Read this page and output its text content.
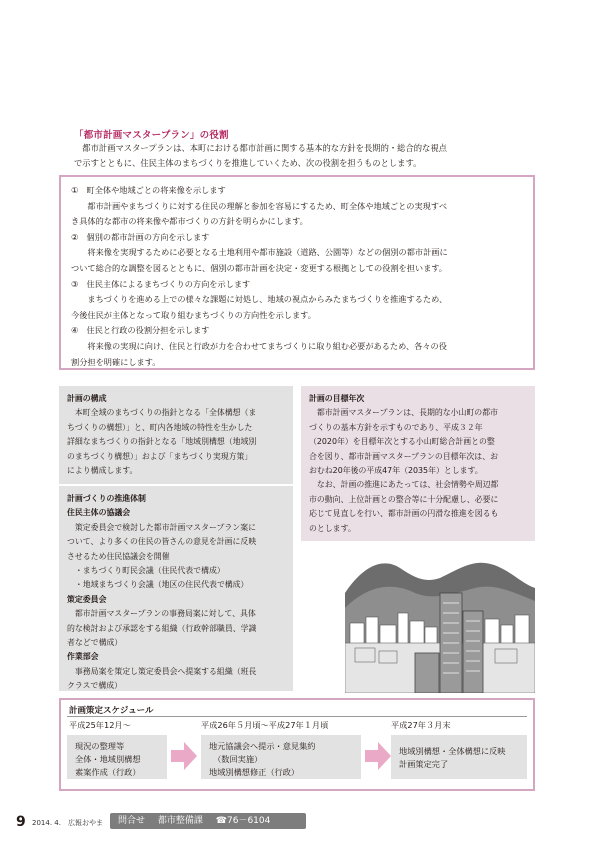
「都市計画マスタープラン」の役割

都市計画マスタープランは、本町における都市計画に関する基本的な方針を長期的・総合的な視点

で示すとともに、住民主体のまちづくりを推進していくため、次の役割を担うものとします。

①　町全体や地域ごとの将来像を示します

都市計画やまちづくりに対する住民の理解と参加を容易にするため、町全体や地域ごとの実現すべ

き具体的な都市の将来像や都市づくりの方針を明らかにします。

②　個別の都市計画の方向を示します

将来像を実現するために必要となる土地利用や都市施設（道路、公園等）などの個別の都市計画に

ついて総合的な調整を図るとともに、個別の都市計画を決定・変更する根拠としての役割を担います。

③　住民主体によるまちづくりの方向を示します

まちづくりを進める上での様々な課題に対処し、地域の視点からみたまちづくりを推進するため、

今後住民が主体となって取り組むまちづくりの方向性を示します。

④　住民と行政の役割分担を示します

将来像の実現に向け、住民と行政が力を合わせてまちづくりに取り組む必要があるため、各々の役

割分担を明確にします。

計画の構成

本町全域のまちづくりの指針となる「全体構想（ま

ちづくりの構想）」と、町内各地域の特性を生かした

詳細なまちづくりの指針となる「地域別構想（地域別

のまちづくり構想）」および「まちづくり実現方策」

により構成します。

計画づくりの推進体制

住民主体の協議会

策定委員会で検討した都市計画マスタープラン案に

ついて、より多くの住民の皆さんの意見を計画に反映

させるため住民協議会を開催

・まちづくり町民会議（住民代表で構成）

・地域まちづくり会議（地区の住民代表で構成）

策定委員会

都市計画マスタープランの事務局案に対して、具体

的な検討および承認をする組織（行政幹部職員、学識

者などで構成）

作業部会

事務局案を策定し策定委員会へ提案する組織（班長

クラスで構成）

計画の目標年次

都市計画マスタープランは、長期的な小山町の都市

づくりの基本方針を示すものであり、平成３２年

（2020年）を目標年次とする小山町総合計画との整

合を図り、都市計画マスタープランの目標年次は、お

おむね20年後の平成47年（2035年）とします。

なお、計画の推進にあたっては、社会情勢や周辺都

市の動向、上位計画との整合等に十分配慮し、必要に

応じて見直しを行い、都市計画の円滑な推進を図るも

のとします。

計画策定スケジュール
平成25年12月～

現況の整理等

全体・地域別構想

素案作成（行政）

平成26年５月頃～平成27年１月頃

地元協議会へ提示・意見集約

（数回実施）

地域別構想修正（行政）

平成27年３月末

地域別構想・全体構想に反映

計画策定完了

9 2014. 4.　広報おやま	問合せ 都市整備課 ☎76－6104
